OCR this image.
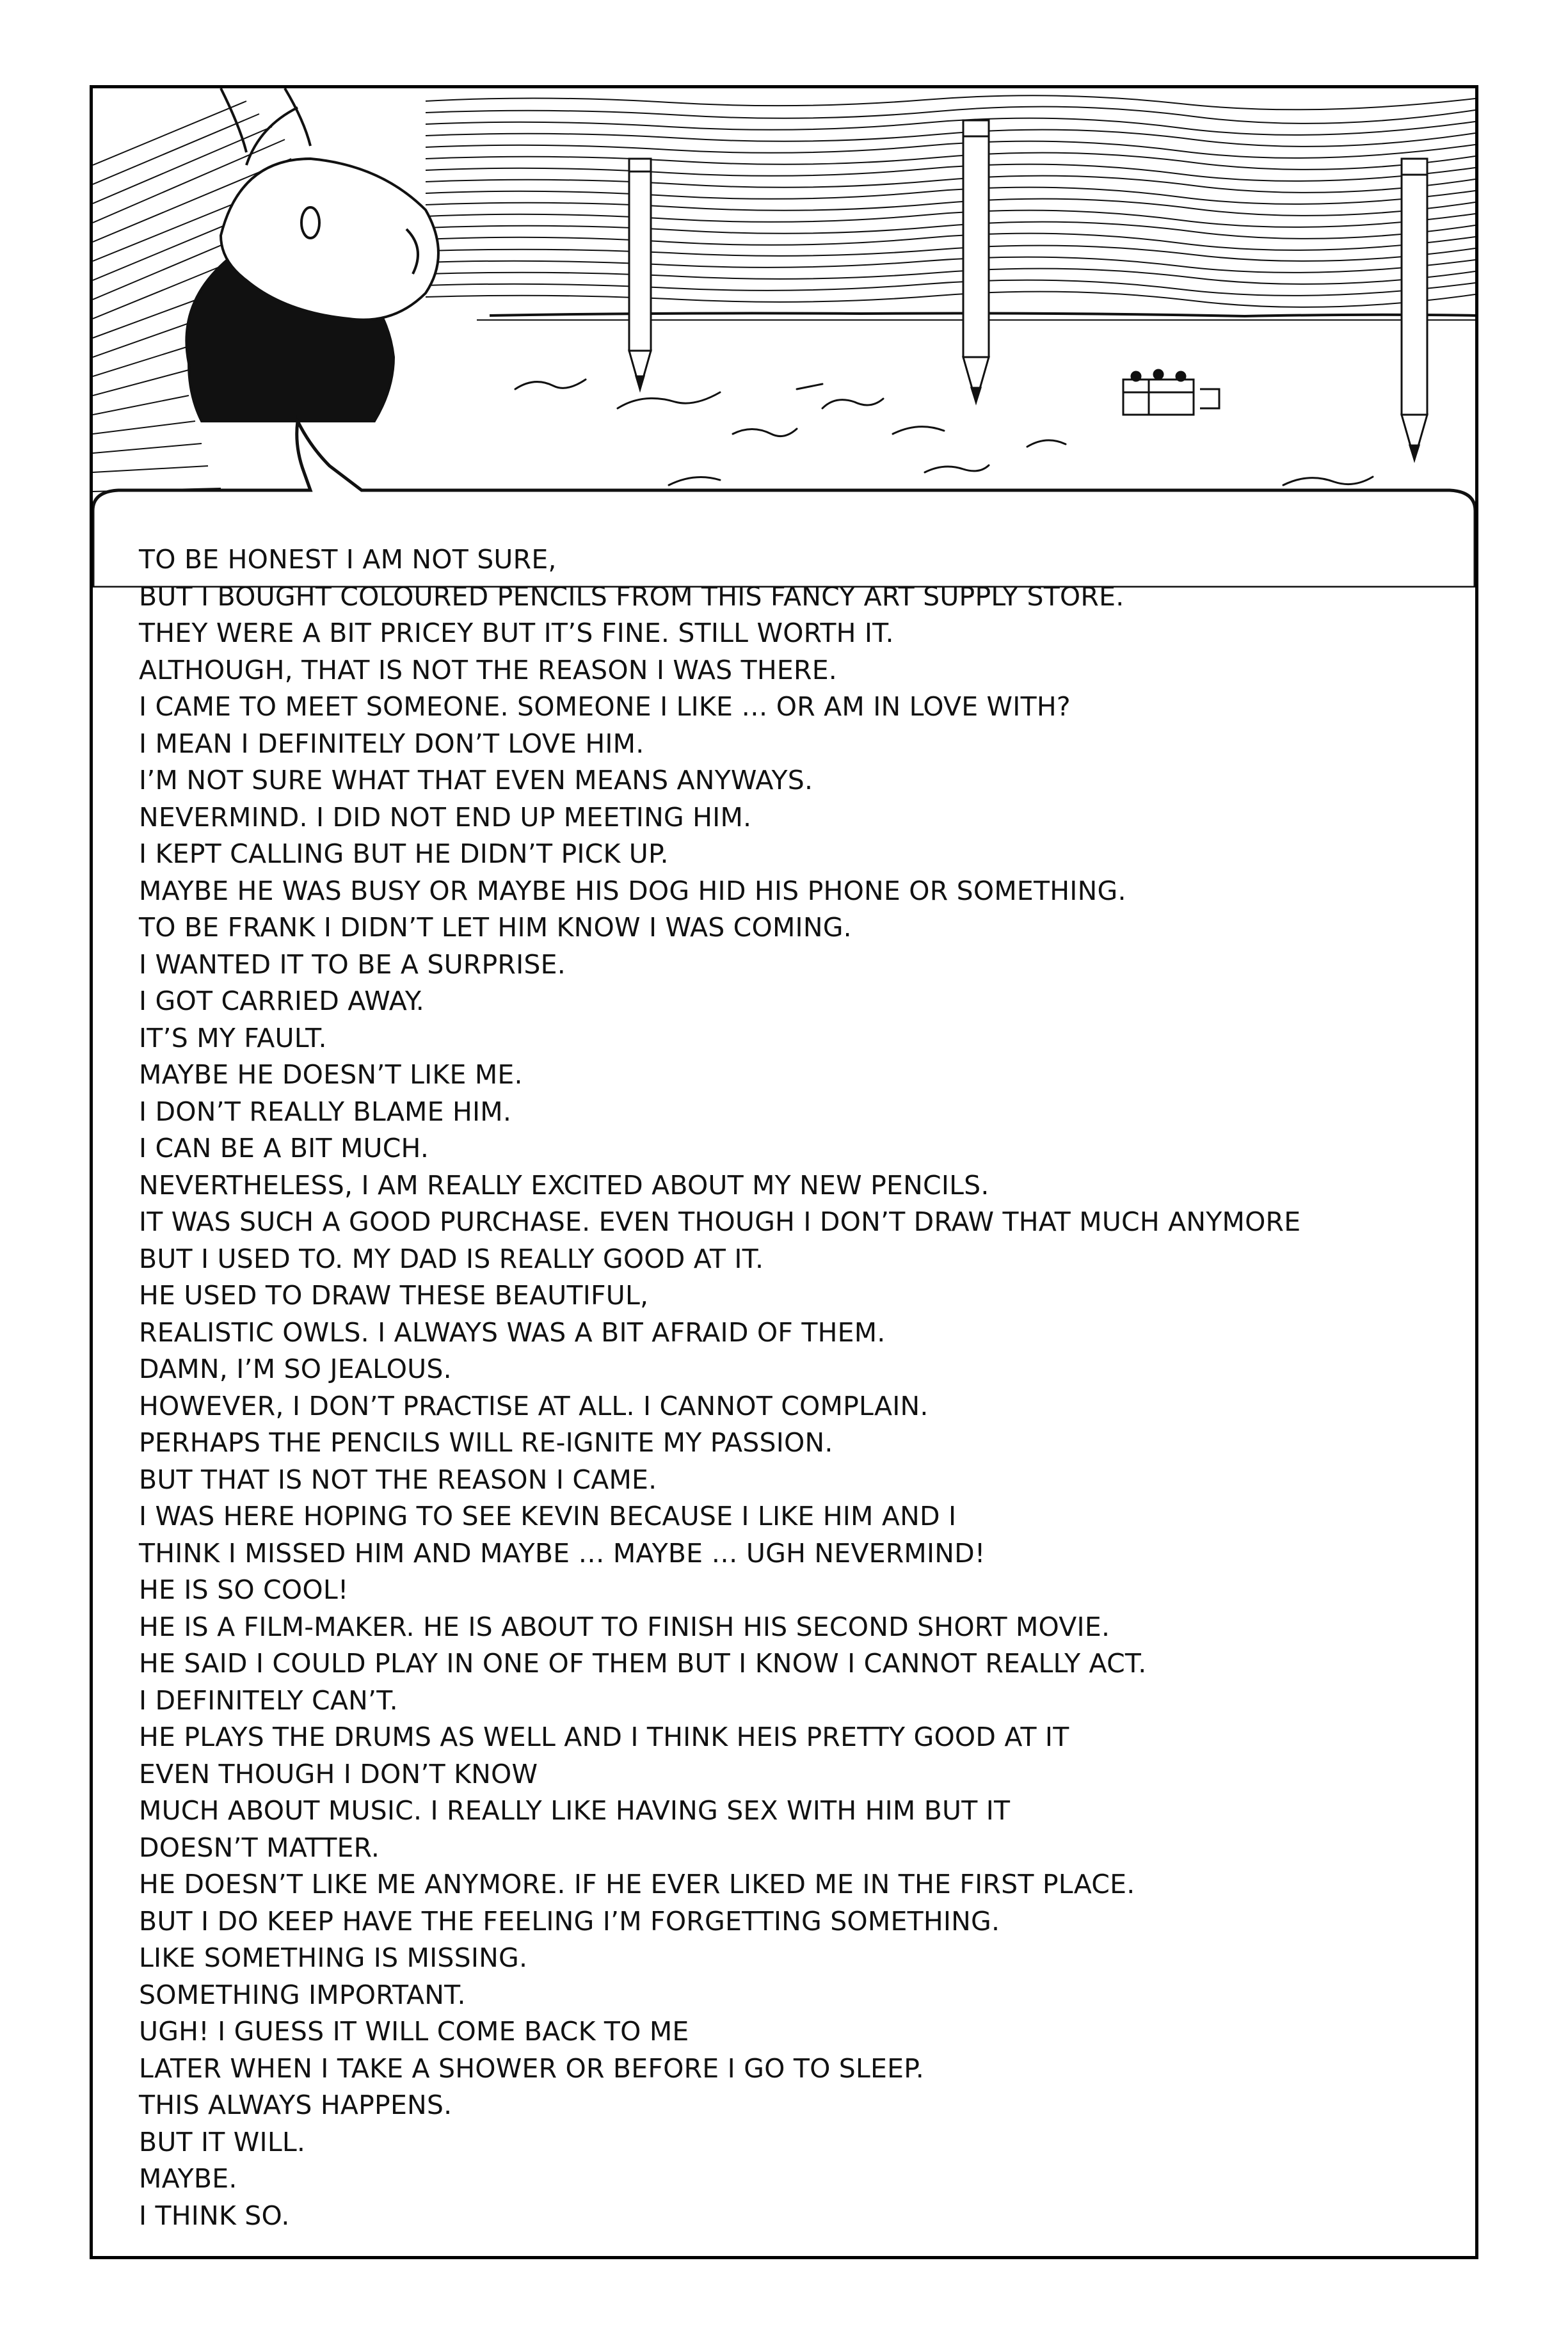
TO BE HONEST I AM NOT SURE,
BUT I BOUGHT COLOURED PENCILS FROM THIS FANCY ART SUPPLY STORE.
THEY WERE A BIT PRICEY BUT IT’S FINE. STILL WORTH IT.
ALTHOUGH, THAT IS NOT THE REASON I WAS THERE.
I CAME TO MEET SOMEONE. SOMEONE I LIKE … OR AM IN LOVE WITH?
I MEAN I DEFINITELY DON’T LOVE HIM.
I’M NOT SURE WHAT THAT EVEN MEANS ANYWAYS.
NEVERMIND. I DID NOT END UP MEETING HIM.
I KEPT CALLING BUT HE DIDN’T PICK UP.
MAYBE HE WAS BUSY OR MAYBE HIS DOG HID HIS PHONE OR SOMETHING.
TO BE FRANK I DIDN’T LET HIM KNOW I WAS COMING.
I WANTED IT TO BE A SURPRISE.
I GOT CARRIED AWAY.
IT’S MY FAULT.
MAYBE HE DOESN’T LIKE ME.
I DON’T REALLY BLAME HIM.
I CAN BE A BIT MUCH.
NEVERTHELESS, I AM REALLY EXCITED ABOUT MY NEW PENCILS.
IT WAS SUCH A GOOD PURCHASE. EVEN THOUGH I DON’T DRAW THAT MUCH ANYMORE
BUT I USED TO. MY DAD IS REALLY GOOD AT IT.
HE USED TO DRAW THESE BEAUTIFUL,
REALISTIC OWLS. I ALWAYS WAS A BIT AFRAID OF THEM.
DAMN, I’M SO JEALOUS.
HOWEVER, I DON’T PRACTISE AT ALL. I CANNOT COMPLAIN.
PERHAPS THE PENCILS WILL RE-IGNITE MY PASSION.
BUT THAT IS NOT THE REASON I CAME.
I WAS HERE HOPING TO SEE KEVIN BECAUSE I LIKE HIM AND I
THINK I MISSED HIM AND MAYBE … MAYBE … UGH NEVERMIND!
HE IS SO COOL!
HE IS A FILM-MAKER. HE IS ABOUT TO FINISH HIS SECOND SHORT MOVIE.
HE SAID I COULD PLAY IN ONE OF THEM BUT I KNOW I CANNOT REALLY ACT.
I DEFINITELY CAN’T.
HE PLAYS THE DRUMS AS WELL AND I THINK HEIS PRETTY GOOD AT IT
EVEN THOUGH I DON’T KNOW
MUCH ABOUT MUSIC. I REALLY LIKE HAVING SEX WITH HIM BUT IT
DOESN’T MATTER.
HE DOESN’T LIKE ME ANYMORE. IF HE EVER LIKED ME IN THE FIRST PLACE.
BUT I DO KEEP HAVE THE FEELING I’M FORGETTING SOMETHING.
LIKE SOMETHING IS MISSING.
SOMETHING IMPORTANT.
UGH! I GUESS IT WILL COME BACK TO ME
LATER WHEN I TAKE A SHOWER OR BEFORE I GO TO SLEEP.
THIS ALWAYS HAPPENS.
BUT IT WILL.
MAYBE.
I THINK SO.
